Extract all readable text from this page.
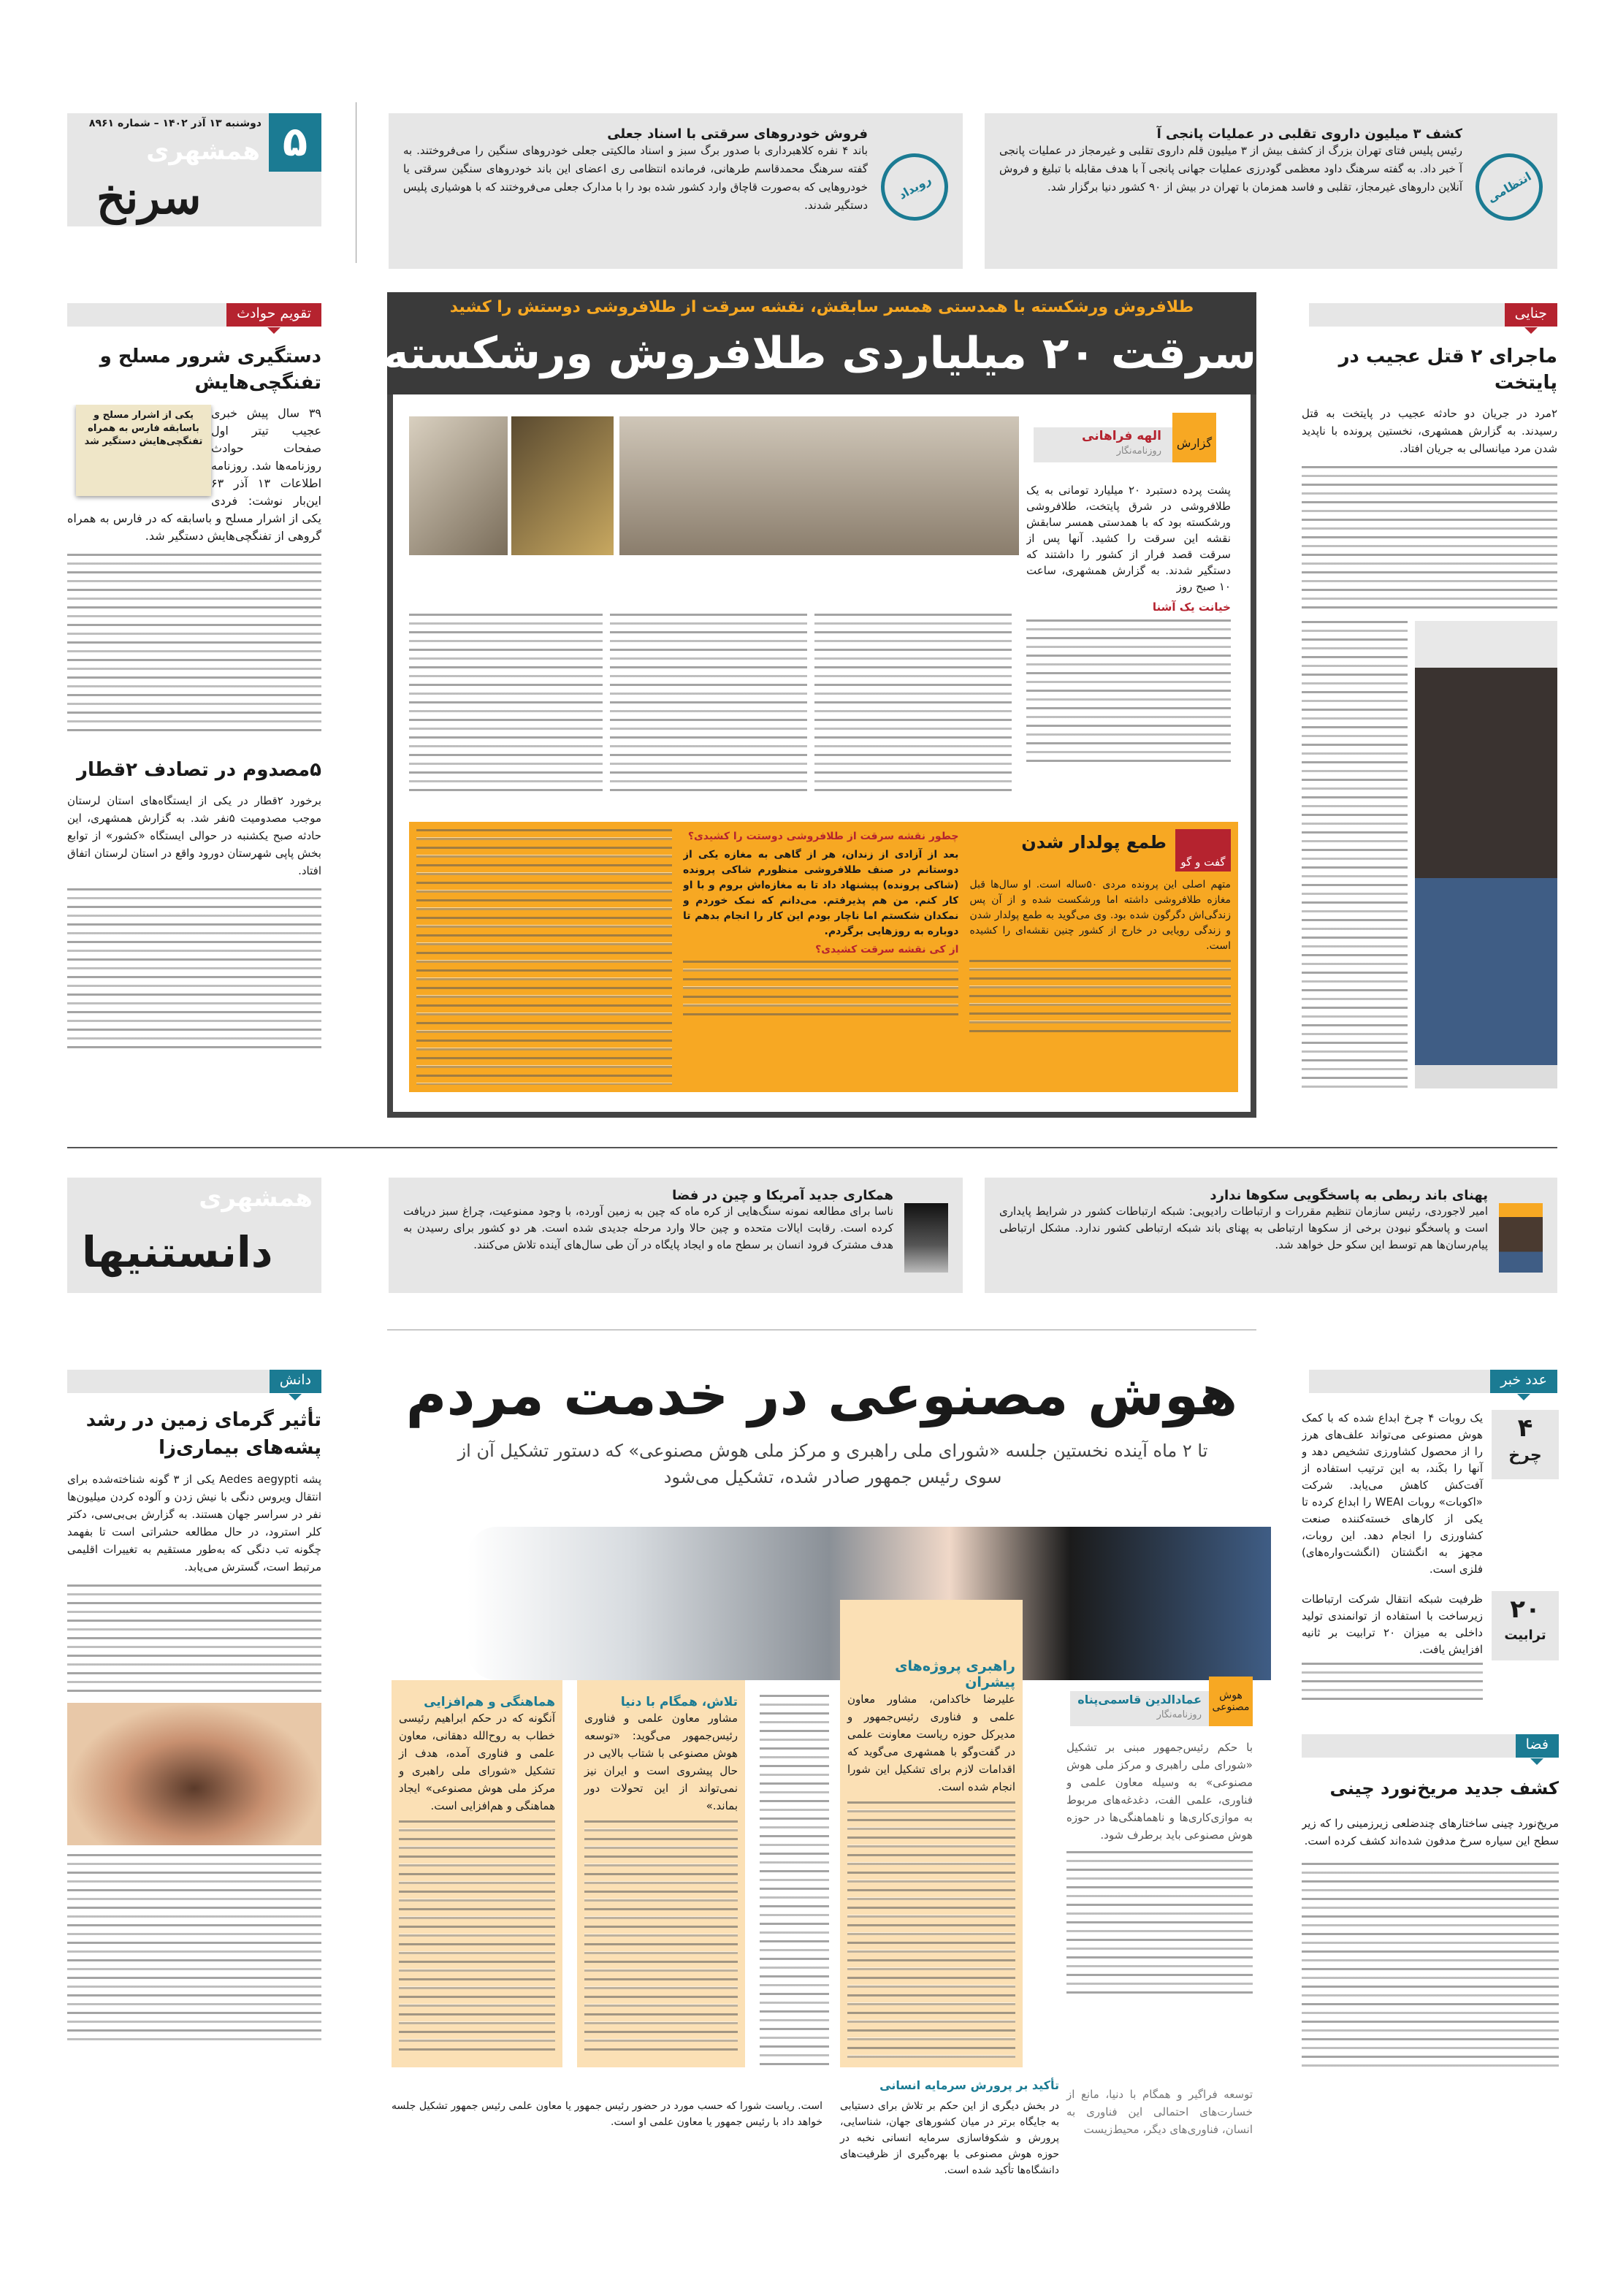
۵
دوشنبه ۱۳ آذر ۱۴۰۲ – شماره ۸۹۶۱
همشهری
سرنخ	رویداد
فروش خودروهای سرقتی با اسناد جعلی
باند ۴ نفره کلاهبرداری با صدور برگ سبز و اسناد مالکیتی جعلی خودروهای سنگین را می‌فروختند. به گفته سرهنگ محمدقاسم طرهانی، فرمانده انتظامی ری اعضای این باند خودروهای سنگین سرقتی یا خودروهایی که به‌صورت قاچاق وارد کشور شده بود را با مدارک جعلی می‌فروختند که با هوشیاری پلیس دستگیر شدند.
انتظامی
کشف ۳ میلیون داروی تقلبی در عملیات پانجی آ
رئیس پلیس فتای تهران بزرگ از کشف بیش از ۳ میلیون قلم داروی تقلبی و غیرمجاز در عملیات پانجی آ خبر داد. به گفته سرهنگ داود معظمی گودرزی عملیات جهانی پانجی آ با هدف مقابله با تبلیغ و فروش آنلاین داروهای غیرمجاز، تقلبی و فاسد همزمان با تهران در بیش از ۹۰ کشور دنیا برگزار شد.
تقویم حوادث
دستگیری شرور مسلح و تفنگچی‌هایش
یکی از اشرار مسلح و باسابقه فارس به همراه تفنگچی‌هایش دستگیر شد
۳۹ سال پیش خبری عجیب تیتر اول صفحات حوادث روزنامه‌ها شد. روزنامه اطلاعات ۱۳ آذر ۶۳ این‌بار نوشت: فردی یکی از اشرار مسلح و باسابقه که در فارس به همراه گروهی از تفنگچی‌هایش دستگیر شد.
۵مصدوم در تصادف ۲قطار
برخورد ۲قطار در یکی از ایستگاه‌های استان لرستان موجب مصدومیت ۵نفر شد. به گزارش همشهری، این حادثه صبح یکشنبه در حوالی ایستگاه «کشور» از توابع بخش پاپی شهرستان دورود واقع در استان لرستان اتفاق افتاد.
طلافروش ورشکسته با همدستی همسر سابقش، نقشه سرقت از طلافروشی دوستش را کشید
سرقت ۲۰ میلیاردی طلافروش ورشکسته
گزارش
الهه فراهانی
روزنامه‌نگار
پشت پرده دستبرد ۲۰ میلیارد تومانی به یک طلافروشی در شرق پایتخت، طلافروشی ورشکسته بود که با همدستی همسر سابقش نقشه این سرقت را کشید. آنها پس از سرقت قصد فرار از کشور را داشتند که دستگیر شدند. به گزارش همشهری، ساعت ۱۰ صبح روز
خیانت یک آشنا
گفت و گو
طمع پولدار شدن
متهم اصلی این پرونده مردی ۵۰ساله است. او سال‌ها قبل مغازه طلافروشی داشته اما ورشکست شده و از آن پس زندگی‌اش دگرگون شده بود. وی می‌گوید به طمع پولدار شدن و زندگی رویایی در خارج از کشور چنین نقشه‌ای را کشیده است.
چطور نقشه سرقت از طلافروشی دوستت را کشیدی؟
بعد از آزادی از زندان، هر از گاهی به مغازه یکی از دوستانم در صنف طلافروشی منظورم شاکی پرونده (شاکی پرونده) پیشنهاد داد تا به مغازه‌اش بروم و با او کار کنم. من هم پذیرفتم. می‌دانم که نمک خوردم و نمکدان شکستم اما ناچار بودم این کار را انجام بدهم تا دوباره به روزهایی برگردم.
از کی نقشه سرقت کشیدی؟
جنایی
ماجرای ۲ قتل عجیب در پایتخت
۲مرد در جریان دو حادثه عجیب در پایتخت به قتل رسیدند. به گزارش همشهری، نخستین پرونده با ناپدید شدن مرد میانسالی به جریان افتاد.
همشهری
دانستنیها
همکاری جدید آمریکا و چین در فضا
ناسا برای مطالعه نمونه سنگ‌هایی از کره ماه که چین به زمین آورده، با وجود ممنوعیت، چراغ سبز دریافت کرده است. رقابت ایالات متحده و چین حالا وارد مرحله جدیدی شده است. هر دو کشور برای رسیدن به هدف مشترک فرود انسان بر سطح ماه و ایجاد پایگاه در آن طی سال‌های آینده تلاش می‌کنند.
پهنای باند ربطی به پاسخگویی سکوها ندارد
امیر لاجوردی، رئیس سازمان تنظیم مقررات و ارتباطات رادیویی: شبکه ارتباطات کشور در شرایط پایداری است و پاسخگو نبودن برخی از سکوها ارتباطی به پهنای باند شبکه ارتباطی کشور ندارد. مشکل ارتباطی پیام‌رسان‌ها هم توسط این سکو حل خواهد شد.
دانش
تأثیر گرمای زمین در رشد پشه‌های بیماری‌زا
پشه Aedes aegypti یکی از ۳ گونه شناخته‌شده برای انتقال ویروس دنگی با نیش زدن و آلوده کردن میلیون‌ها نفر در سراسر جهان هستند. به گزارش بی‌بی‌سی، دکتر کلر استرود، در حال مطالعه حشراتی است تا بفهمد چگونه تب دنگی که به‌طور مستقیم به تغییرات اقلیمی مرتبط است، گسترش می‌یابد.
هوش مصنوعی در خدمت مردم
تا ۲ ماه آینده نخستین جلسه «شورای ملی راهبری و مرکز ملی هوش مصنوعی» که دستور تشکیل آن از سوی رئیس جمهور صادر شده، تشکیل می‌شود
راهبری پروژه‌های پیشران
علیرضا خاکدامن، مشاور معاون علمی و فناوری رئیس‌جمهور و مدیرکل حوزه ریاست معاونت علمی در گفت‌وگو با همشهری می‌گوید که اقدامات لازم برای تشکیل این شورا انجام شده است.
تلاش، همگام با دنیا
مشاور معاون علمی و فناوری رئیس‌جمهور می‌گوید: «توسعه هوش مصنوعی با شتاب بالایی در حال پیشروی است و ایران نیز نمی‌تواند از این تحولات دور بماند.»
هماهنگی و هم‌افزایی
آنگونه که در حکم ابراهیم رئیسی خطاب به روح‌الله دهقانی، معاون علمی و فناوری آمده، هدف از تشکیل «شورای ملی راهبری و مرکز ملی هوش مصنوعی» ایجاد هماهنگی و هم‌افزایی است.
هوش مصنوعی
عمادالدین قاسمی‌پناه
روزنامه‌نگار
با حکم رئیس‌جمهور مبنی بر تشکیل «شورای ملی راهبری و مرکز ملی هوش مصنوعی» به وسیله معاون علمی و فناوری، علمی الفت، دغدغه‌های مربوط به موازی‌کاری‌ها و ناهماهنگی‌ها در حوزه هوش مصنوعی باید برطرف شود.
توسعه فراگیر و همگام با دنیا، مانع از خسارت‌های احتمالی این فناوری به انسان، فناوری‌های دیگر، محیط‌زیست
تأکید بر پرورش سرمایه انسانی
در بخش دیگری از این حکم بر تلاش برای دستیابی به جایگاه برتر در میان کشورهای جهان، شناسایی، پرورش و شکوفاسازی سرمایه انسانی نخبه در حوزه هوش مصنوعی با بهره‌گیری از ظرفیت‌های دانشگاه‌ها تأکید شده است.
است. ریاست شورا که حسب مورد در حضور رئیس جمهور یا معاون علمی رئیس جمهور تشکیل جلسه خواهد داد با رئیس جمهور یا معاون علمی او است.
عدد خبر
۴
چرخ
یک روبات ۴ چرخ ابداع شده که با کمک هوش مصنوعی می‌تواند علف‌های هرز را از محصول کشاورزی تشخیص دهد و آنها را بکَند، به این ترتیب استفاده از آفت‌کش کاهش می‌یابد. شرکت «اکوبات» روبات WEAI را ابداع کرده تا یکی از کارهای خسته‌کننده صنعت کشاورزی را انجام دهد. این روبات، مجهز به انگشتان (انگشت‌واره‌های) فلزی است.
۲۰
ترابیت
ظرفیت شبکه انتقال شرکت ارتباطات زیرساخت با استفاده از توانمندی تولید داخلی به میزان ۲۰ ترابیت بر ثانیه افزایش یافت.
فضا
کشف جدید مریخ‌نورد چینی
مریخ‌نورد چینی ساختارهای چندضلعی زیرزمینی را که زیر سطح این سیاره سرخ مدفون شده‌اند کشف کرده است.
